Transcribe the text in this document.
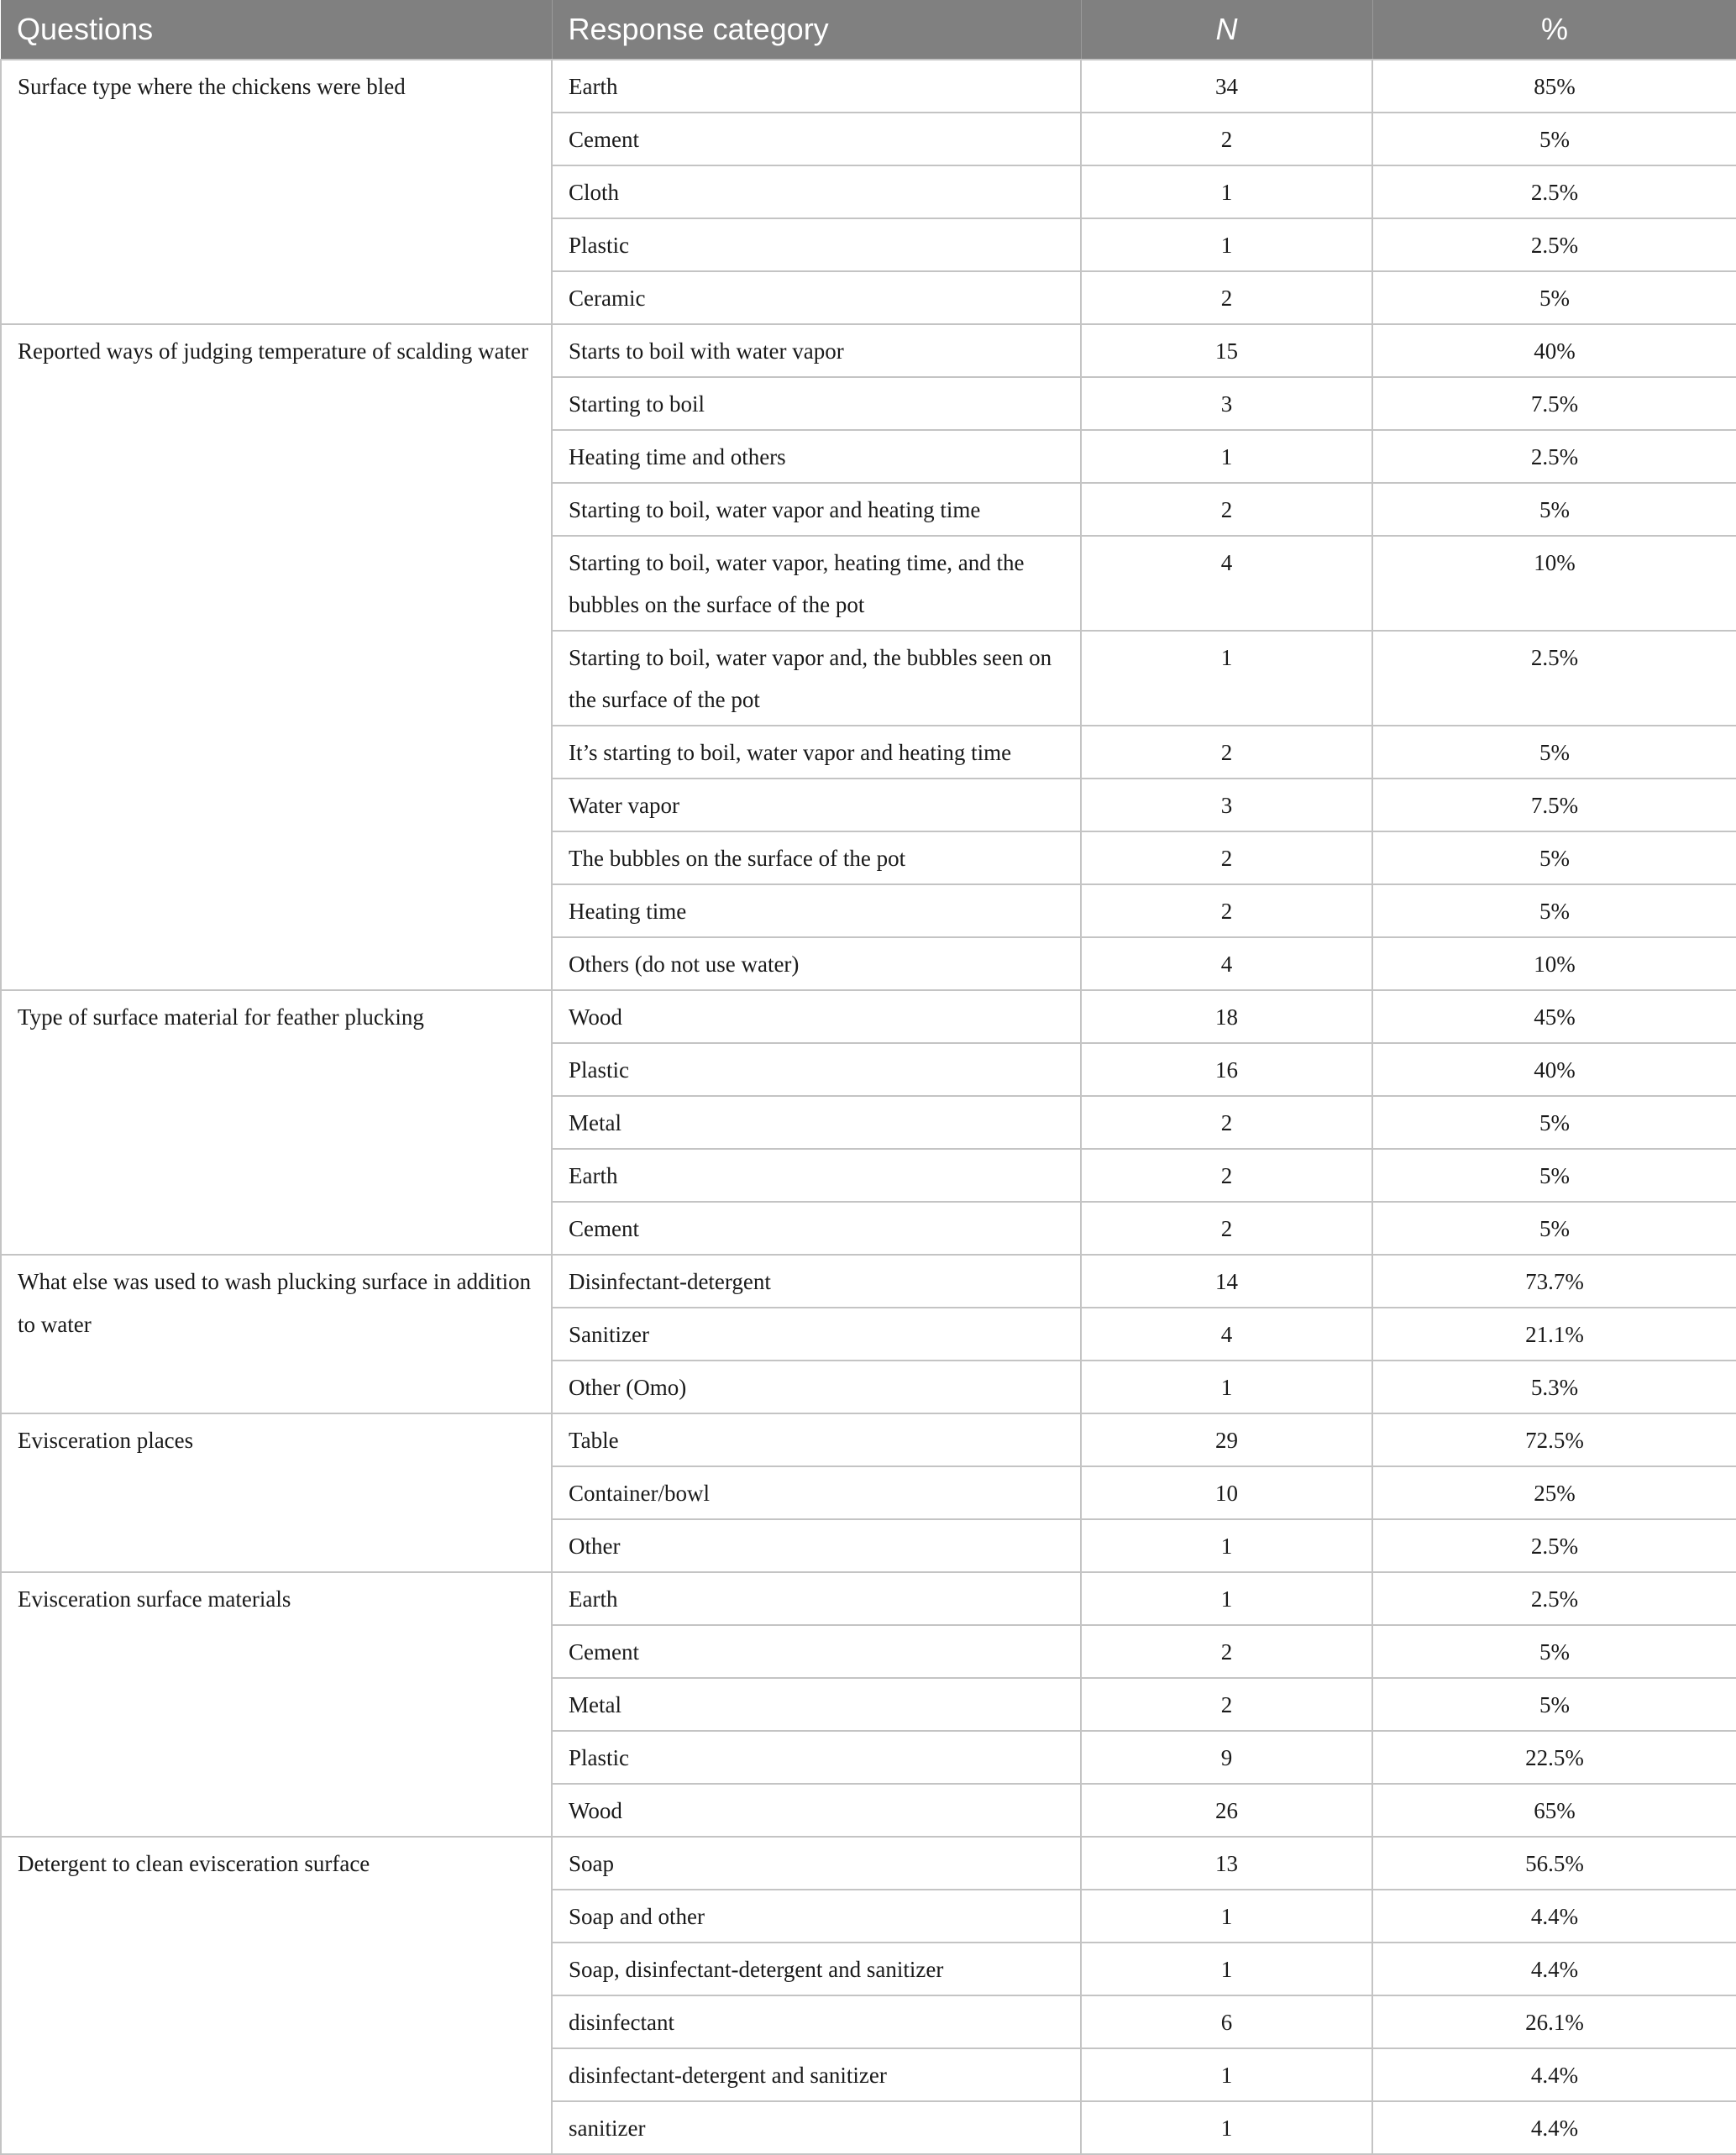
Questions	Response category	N	%
Surface type where the chickens were bled	Earth	34	85%
	Cement	2	5%
	Cloth	1	2.5%
	Plastic	1	2.5%
	Ceramic	2	5%
Reported ways of judging temperature of scalding water	Starts to boil with water vapor	15	40%
	Starting to boil	3	7.5%
	Heating time and others	1	2.5%
	Starting to boil, water vapor and heating time	2	5%
	Starting to boil, water vapor, heating time, and the bubbles on the surface of the pot	4	10%
	Starting to boil, water vapor and, the bubbles seen on the surface of the pot	1	2.5%
	It’s starting to boil, water vapor and heating time	2	5%
	Water vapor	3	7.5%
	The bubbles on the surface of the pot	2	5%
	Heating time	2	5%
	Others (do not use water)	4	10%
Type of surface material for feather plucking	Wood	18	45%
	Plastic	16	40%
	Metal	2	5%
	Earth	2	5%
	Cement	2	5%
What else was used to wash plucking surface in addition to water	Disinfectant-detergent	14	73.7%
	Sanitizer	4	21.1%
	Other (Omo)	1	5.3%
Evisceration places	Table	29	72.5%
	Container/bowl	10	25%
	Other	1	2.5%
Evisceration surface materials	Earth	1	2.5%
	Cement	2	5%
	Metal	2	5%
	Plastic	9	22.5%
	Wood	26	65%
Detergent to clean evisceration surface	Soap	13	56.5%
	Soap and other	1	4.4%
	Soap, disinfectant-detergent and sanitizer	1	4.4%
	disinfectant	6	26.1%
	disinfectant-detergent and sanitizer	1	4.4%
	sanitizer	1	4.4%
